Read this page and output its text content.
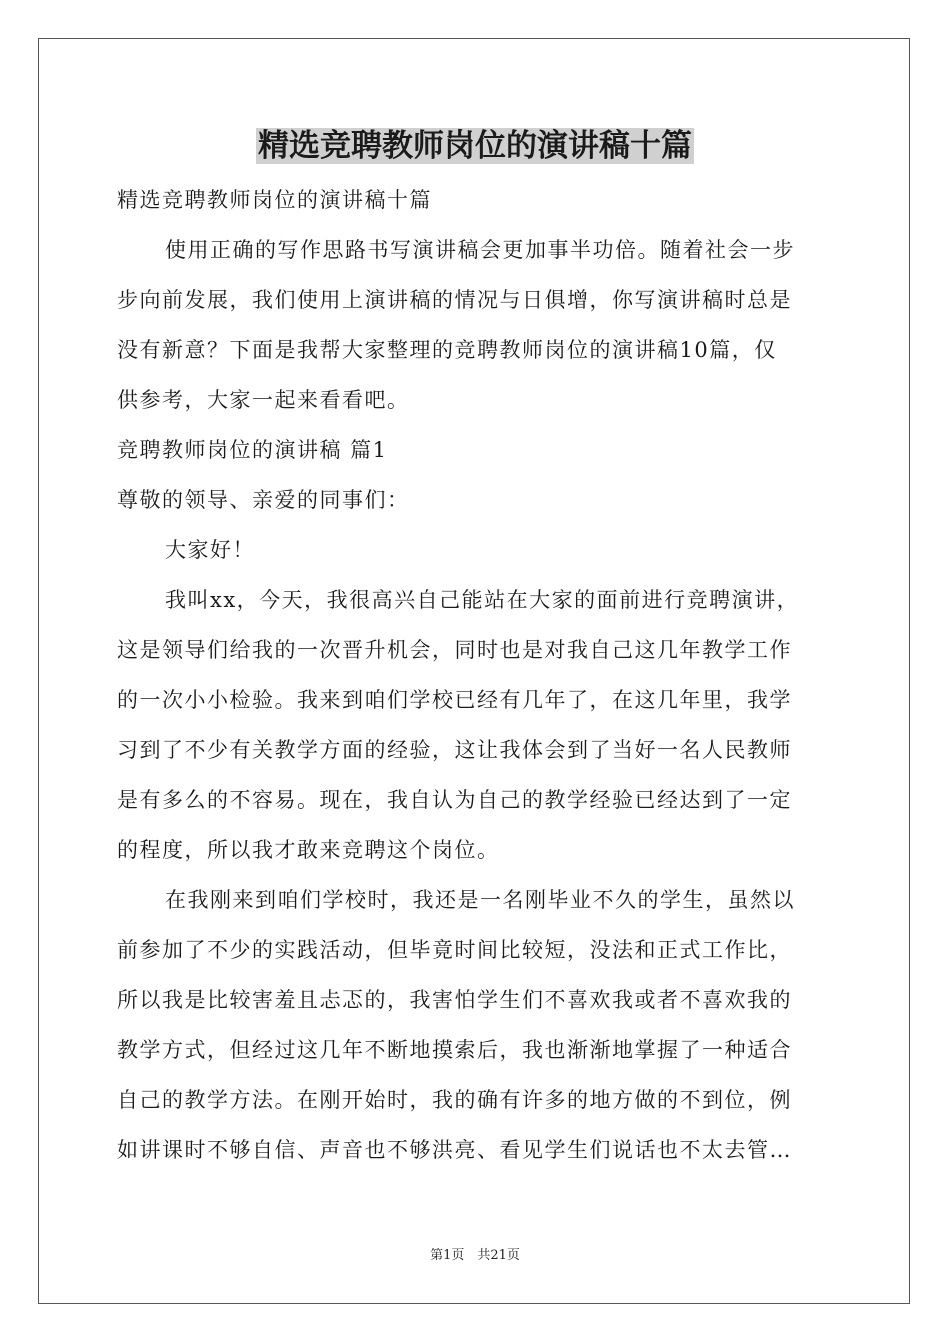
精选竞聘教师岗位的演讲稿十篇
精选竞聘教师岗位的演讲稿十篇
使用正确的写作思路书写演讲稿会更加事半功倍。随着社会一步
步向前发展，我们使用上演讲稿的情况与日俱增，你写演讲稿时总是
没有新意？下面是我帮大家整理的竞聘教师岗位的演讲稿10篇，仅
供参考，大家一起来看看吧。
竞聘教师岗位的演讲稿 篇1
尊敬的领导、亲爱的同事们：
大家好！
我叫xx，今天，我很高兴自己能站在大家的面前进行竞聘演讲，
这是领导们给我的一次晋升机会，同时也是对我自己这几年教学工作
的一次小小检验。我来到咱们学校已经有几年了，在这几年里，我学
习到了不少有关教学方面的经验，这让我体会到了当好一名人民教师
是有多么的不容易。现在，我自认为自己的教学经验已经达到了一定
的程度，所以我才敢来竞聘这个岗位。
在我刚来到咱们学校时，我还是一名刚毕业不久的学生，虽然以
前参加了不少的实践活动，但毕竟时间比较短，没法和正式工作比，
所以我是比较害羞且忐忑的，我害怕学生们不喜欢我或者不喜欢我的
教学方式，但经过这几年不断地摸索后，我也渐渐地掌握了一种适合
自己的教学方法。在刚开始时，我的确有许多的地方做的不到位，例
如讲课时不够自信、声音也不够洪亮、看见学生们说话也不太去管…
第1页　共21页
